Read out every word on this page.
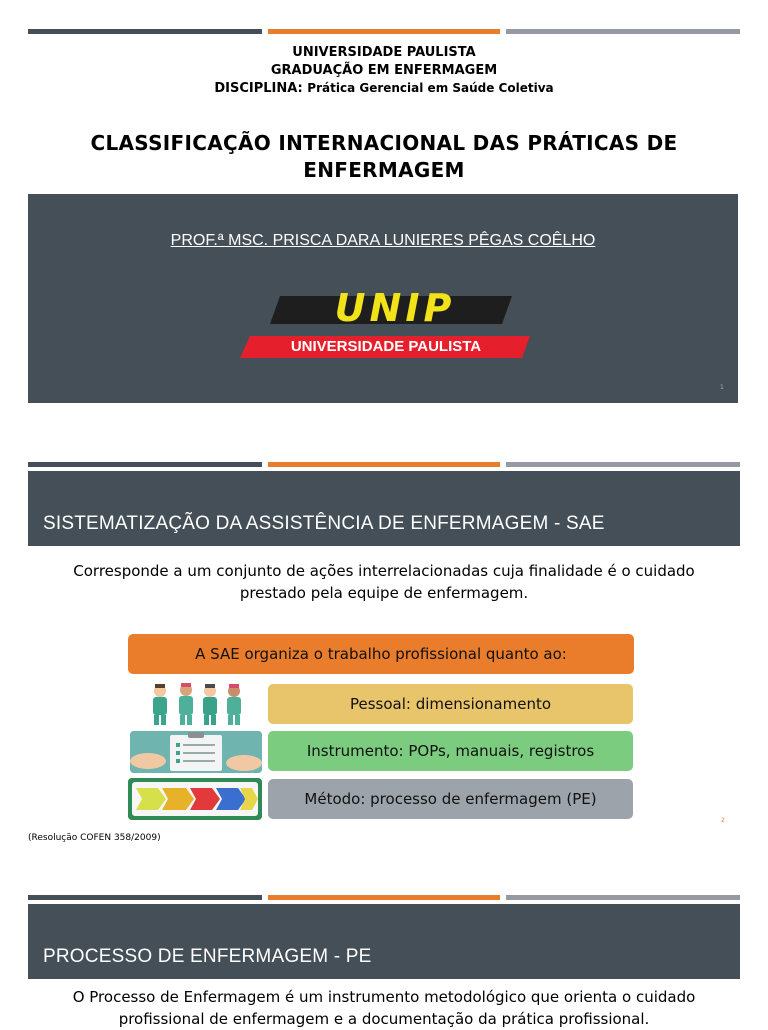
UNIVERSIDADE PAULISTA
GRADUAÇÃO EM ENFERMAGEM
DISCIPLINA: Prática Gerencial em Saúde Coletiva
CLASSIFICAÇÃO INTERNACIONAL DAS PRÁTICAS DE
ENFERMAGEM
PROF.ª MSC. PRISCA DARA LUNIERES PÊGAS COÊLHO
UNIP
UNIVERSIDADE PAULISTA
1
SISTEMATIZAÇÃO DA ASSISTÊNCIA DE ENFERMAGEM - SAE
Corresponde a um conjunto de ações interrelacionadas cuja finalidade é o cuidado
prestado pela equipe de enfermagem.
A SAE organiza o trabalho profissional quanto ao:
Pessoal: dimensionamento
Instrumento: POPs, manuais, registros
Método: processo de enfermagem (PE)
(Resolução COFEN 358/2009)
2
PROCESSO DE ENFERMAGEM - PE
O Processo de Enfermagem é um instrumento metodológico que orienta o cuidado
profissional de enfermagem e a documentação da prática profissional.
